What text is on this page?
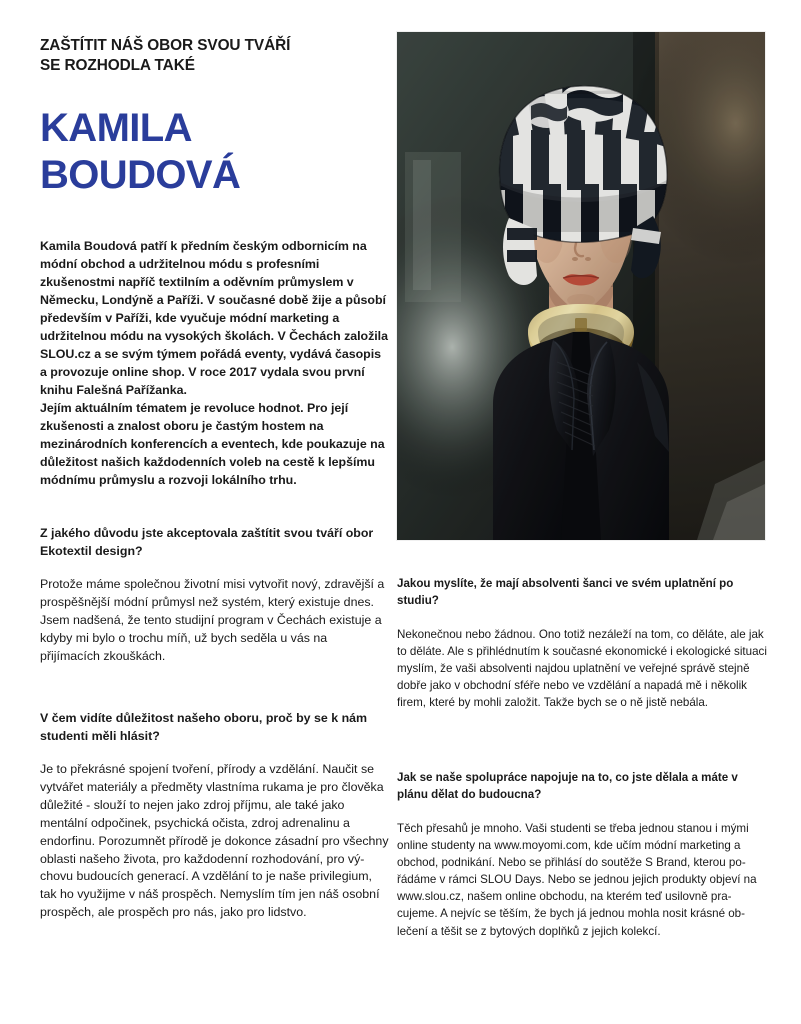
ZAŠTÍTIT NÁŠ OBOR SVOU TVÁŘÍ
SE ROZHODLA TAKÉ
KAMILA
BOUDOVÁ

Kamila Boudová patří k předním českým odbornicím na módní obchod a udržitelnou módu s profesními zkušenostmi napříč textilním a oděvním průmyslem v Německu, Londýně a Paříži. V současné době žije a působí především v Paříži, kde vyučuje módní marketing a udržitelnou módu na vysokých školách. V Čechách založila SLOU.cz a se svým týmem pořádá eventy, vydává časopis a provozuje online shop. V roce 2017 vydala svou první knihu Falešná Pařížanka.

Jejím aktuálním tématem je revoluce hodnot. Pro její zkušenosti a znalost oboru je častým hostem na mezinárodních konferencích a eventech, kde poukazuje na důležitost našich každodenních voleb na cestě k lepšímu módnímu průmyslu a rozvoji lokálního trhu.

Z jakého důvodu jste akceptovala zaštítit svou tváří obor Ekotextil design?

Protože máme společnou životní misi vytvořit nový, zdravější a prospěšnější módní průmysl než systém, který existuje dnes. Jsem nadšená, že tento studijní program v Čechách existuje a kdyby mi bylo o trochu míň, už bych seděla u vás na přijímacích zkouškách.

V čem vidíte důležitost našeho oboru, proč by se k nám studenti měli hlásit?

Je to překrásné spojení tvoření, přírody a vzdělání. Naučit se vytvářet materiály a předměty vlastníma rukama je pro člověka důležité - slouží to nejen jako zdroj příjmu, ale také jako mentální odpočinek, psychická očista, zdroj adrenalinu a endorfinu. Porozumnět přírodě je dokonce zásadní pro všechny oblasti našeho života, pro každodenní rozhodování, pro výchovu budoucích generací. A vzdělání to je naše privilegium, tak ho využijme v náš prospěch. Nemyslím tím jen náš osobní prospěch, ale prospěch pro nás, jako pro lidstvo.

Jakou myslíte, že mají absolventi šanci ve svém uplatnění po studiu?

Nekonečnou nebo žádnou. Ono totiž nezáleží na tom, co děláte, ale jak to děláte. Ale s přihlédnutím k současné ekonomické i ekologické situaci myslím, že vaši absolventi najdou uplatnění ve veřejné správě stejně dobře jako v obchodní sféře nebo ve vzdělání a napadá mě i několik firem, které by mohli založit. Takže bych se o ně jistě nebála.

Jak se naše spolupráce napojuje na to, co jste dělala a máte v plánu dělat do budoucna?

Těch přesahů je mnoho. Vaši studenti se třeba jednou stanou i mými online studenty na www.moyomi.com, kde učím módní marketing a obchod, podnikání. Nebo se přihlásí do soutěže S Brand, kterou pořádáme v rámci SLOU Days. Nebo se jednou jejich produkty objeví na www.slou.cz, našem online obchodu, na kterém teď usilovně pracujeme. A nejvíc se těším, že bych já jednou mohla nosit krásné oblečení a těšit se z bytových doplňků z jejich kolekcí.
